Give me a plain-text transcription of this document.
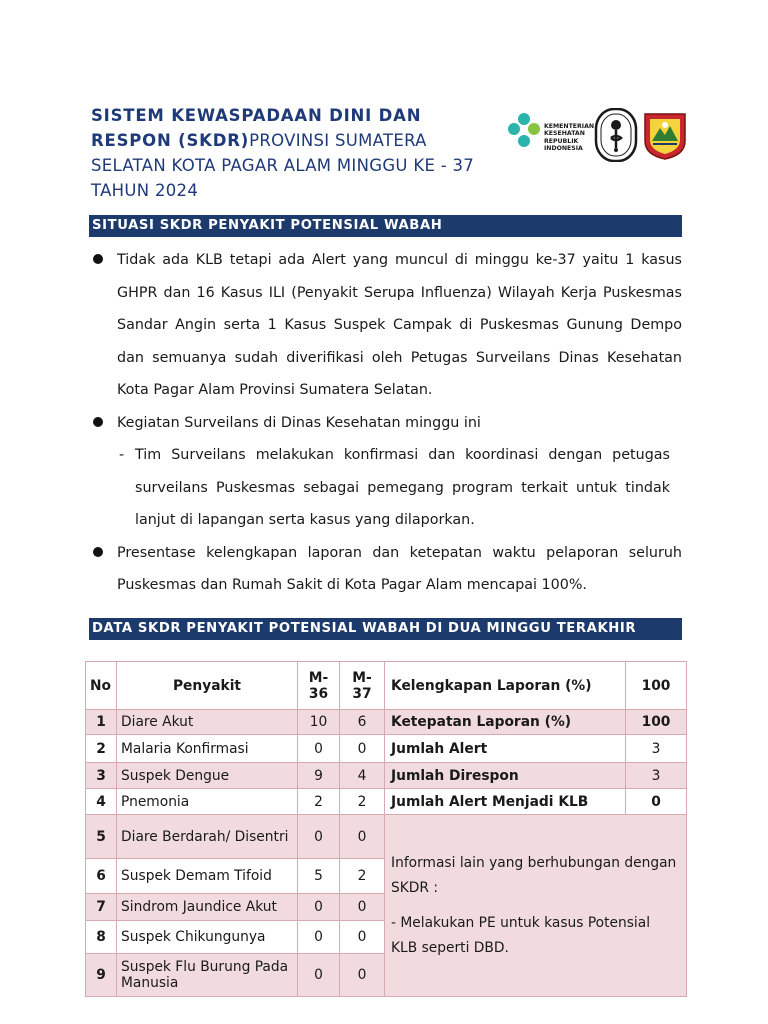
SISTEM KEWASPADAAN DINI DAN RESPON (SKDR)PROVINSI SUMATERA SELATAN KOTA PAGAR ALAM MINGGU KE - 37 TAHUN 2024
KEMENTERIAN
KESEHATAN
REPUBLIK
INDONESIA
SITUASI SKDR PENYAKIT POTENSIAL WABAH
Tidak ada KLB tetapi ada Alert yang muncul di minggu ke-37 yaitu 1 kasus GHPR dan 16 Kasus ILI (Penyakit Serupa Influenza) Wilayah Kerja Puskesmas Sandar Angin serta 1 Kasus Suspek Campak di Puskesmas Gunung Dempo dan semuanya sudah diverifikasi oleh Petugas Surveilans Dinas Kesehatan Kota Pagar Alam Provinsi Sumatera Selatan.
Kegiatan Surveilans di Dinas Kesehatan minggu ini
- Tim Surveilans melakukan konfirmasi dan koordinasi dengan petugas surveilans Puskesmas sebagai pemegang program terkait untuk tindak lanjut di lapangan serta kasus yang dilaporkan.
Presentase kelengkapan laporan dan ketepatan waktu pelaporan seluruh Puskesmas dan Rumah Sakit di Kota Pagar Alam mencapai 100%.
DATA SKDR PENYAKIT POTENSIAL WABAH DI DUA MINGGU TERAKHIR
No	Penyakit	M-36	M-37	Kelengkapan Laporan (%)	100
1	Diare Akut	10	6	Ketepatan Laporan (%)	100
2	Malaria Konfirmasi	0	0	Jumlah Alert	3
3	Suspek Dengue	9	4	Jumlah Direspon	3
4	Pnemonia	2	2	Jumlah Alert Menjadi KLB	0
5	Diare Berdarah/ Disentri	0	0	Informasi lain yang berhubungan dengan SKDR :

- Melakukan PE untuk kasus Potensial KLB seperti DBD.	

6	Suspek Demam Tifoid	5	2		
7	Sindrom Jaundice Akut	0	0		
8	Suspek Chikungunya	0	0		
9	Suspek Flu Burung Pada Manusia	0	0		
